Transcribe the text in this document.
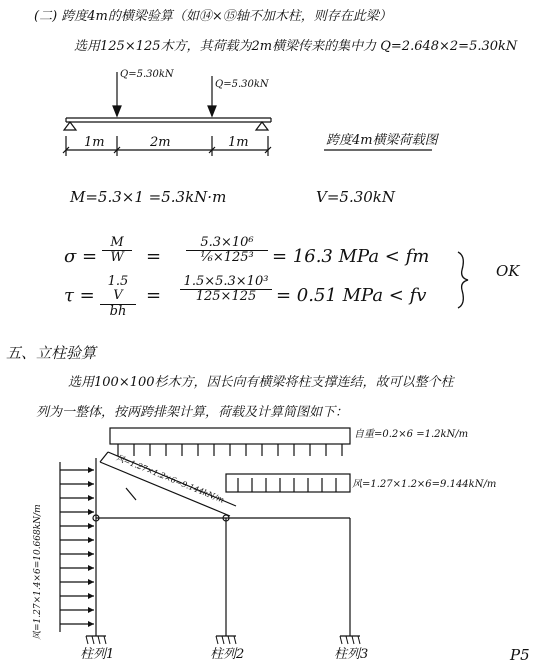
(二) 跨度4m的横梁验算（如⑭×⑮轴不加木柱，则存在此梁）
选用125×125木方，其荷载为2m横梁传来的集中力 Q=2.648×2=5.30kN
Q=5.30kN
Q=5.30kN
1m	2m	1m	跨度4m横梁荷载图
M=5.3×1 =5.3kN·m	V=5.30kN
$\sigma = \frac{M}{W} = \frac{\text{5.3×10⁶}}{\text{⅙×125³}} = 16.3$ MPa < fm
$\tau = \frac{1.5 V}{bh} = \frac{\text{1.5×5.3×10³}}{125\times 125} = 0.51$ MPa < fv
OK
五、立柱验算
选用100×100杉木方，因长向有横梁将柱支撑连结，故可以整个柱
列为一整体，按两跨排架计算，荷载及计算简图如下：
自重=0.2×6 =1.2kN/m
风=1.27×1.2×6=9.144kN/m
风=1.27×1.2×6=9.144kN/m
风=1.27×1.4×6=10.668kN/m
柱列1	柱列2	柱列3	P5
